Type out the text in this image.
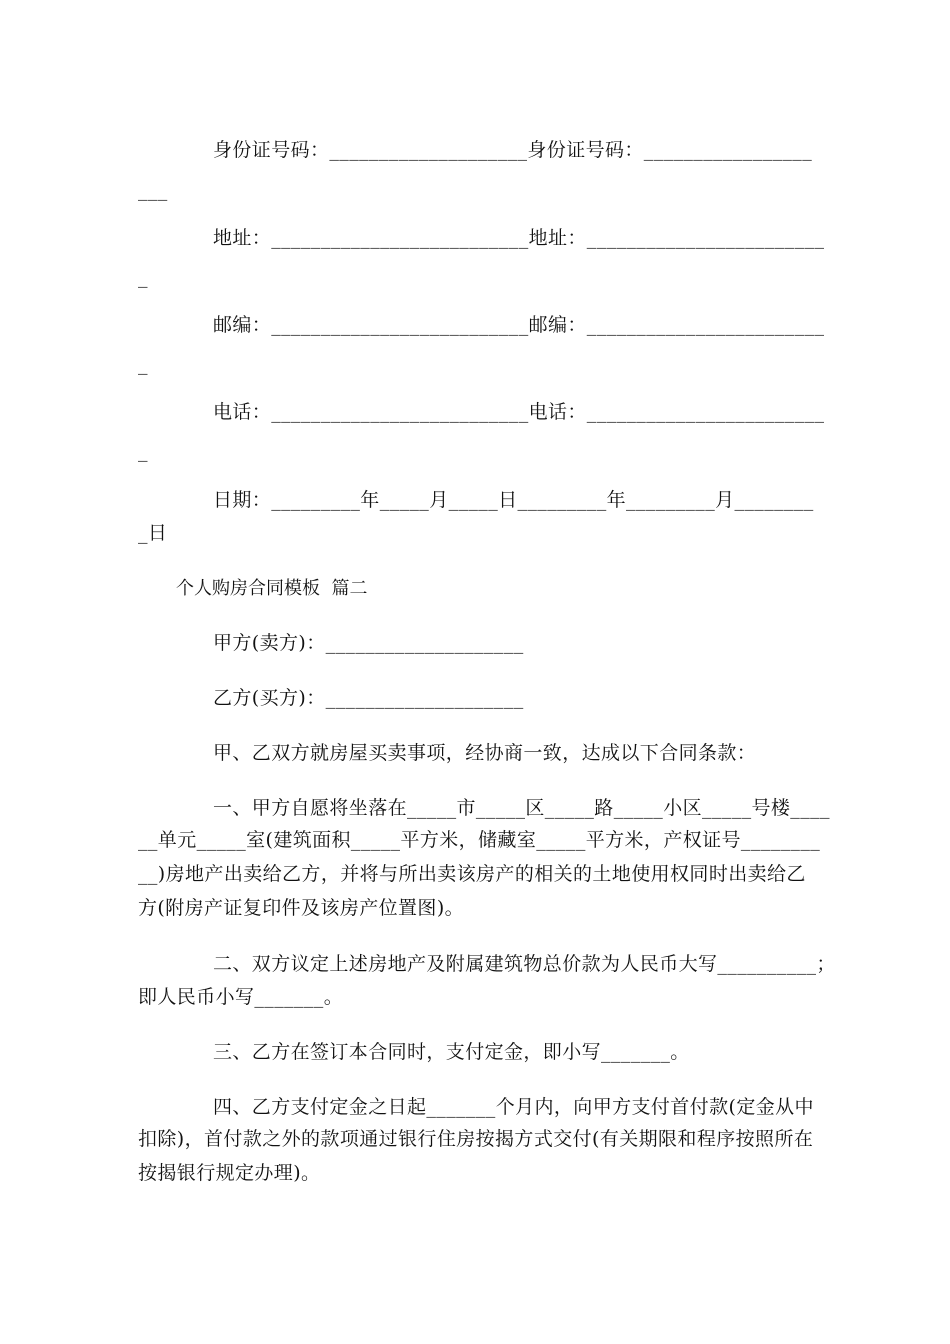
身份证号码：____________________身份证号码：_________________
___
地址：__________________________地址：________________________
_
邮编：__________________________邮编：________________________
_
电话：__________________________电话：________________________
_
日期：_________年_____月_____日_________年_________月________
_日
个人购房合同模板  篇二
甲方(卖方)：____________________
乙方(买方)：____________________
甲、乙双方就房屋买卖事项，经协商一致，达成以下合同条款：
一、甲方自愿将坐落在_____市_____区_____路_____小区_____号楼____
__单元_____室(建筑面积_____平方米，储藏室_____平方米，产权证号________
__)房地产出卖给乙方，并将与所出卖该房产的相关的土地使用权同时出卖给乙
方(附房产证复印件及该房产位置图)。
二、双方议定上述房地产及附属建筑物总价款为人民币大写__________；
即人民币小写_______。
三、乙方在签订本合同时，支付定金，即小写_______。
四、乙方支付定金之日起_______个月内，向甲方支付首付款(定金从中
扣除)，首付款之外的款项通过银行住房按揭方式交付(有关期限和程序按照所在
按揭银行规定办理)。
